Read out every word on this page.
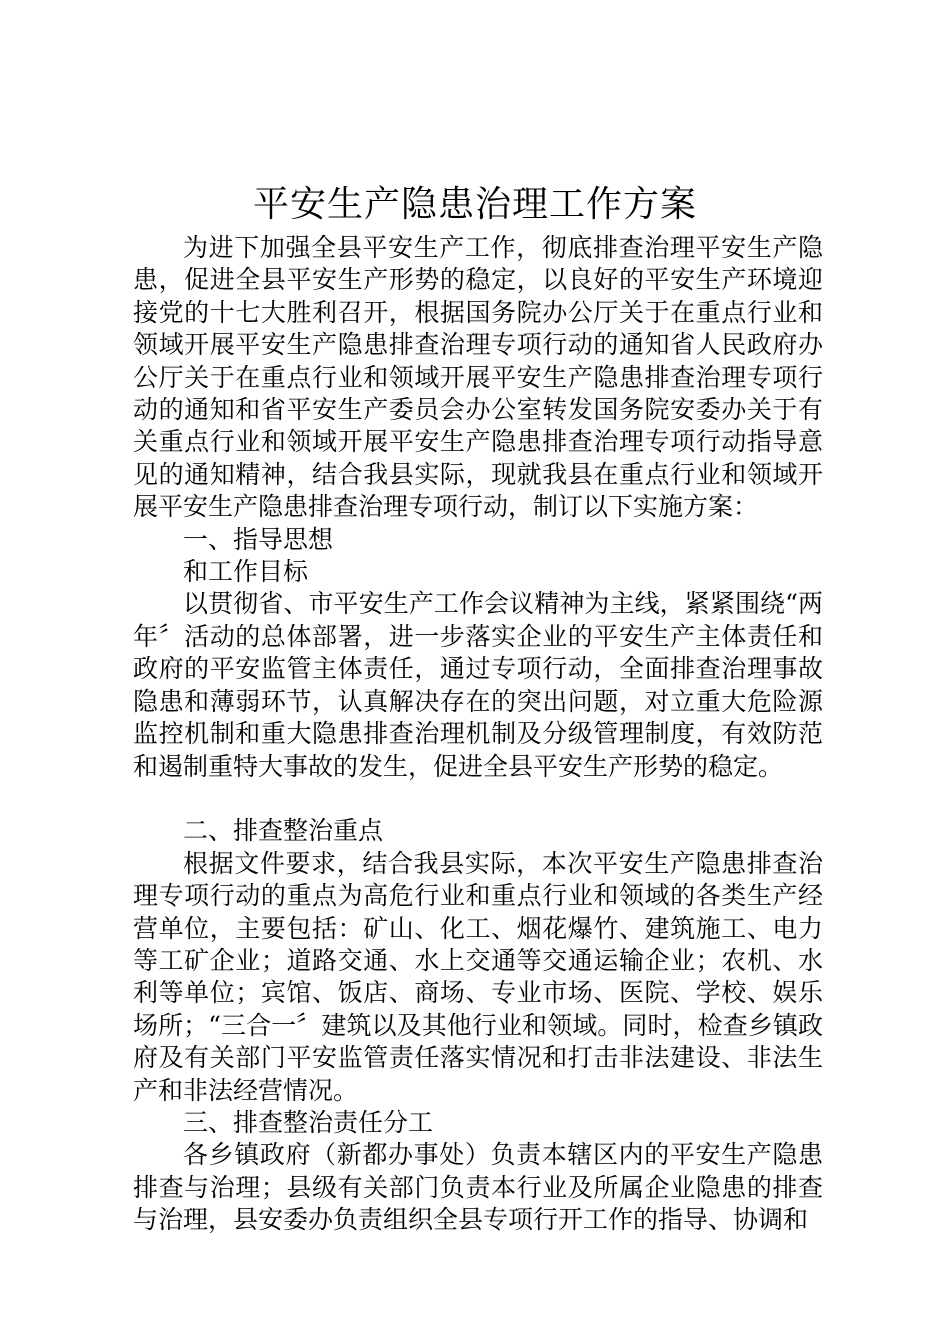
平安生产隐患治理工作方案

为进下加强全县平安生产工作，彻底排查治理平安生产隐患，促进全县平安生产形势的稳定，以良好的平安生产环境迎接党的十七大胜利召开，根据国务院办公厅关于在重点行业和领域开展平安生产隐患排查治理专项行动的通知省人民政府办公厅关于在重点行业和领域开展平安生产隐患排查治理专项行动的通知和省平安生产委员会办公室转发国务院安委办关于有关重点行业和领域开展平安生产隐患排查治理专项行动指导意见的通知精神，结合我县实际，现就我县在重点行业和领域开展平安生产隐患排查治理专项行动，制订以下实施方案：

一、指导思想

和工作目标

以贯彻省、市平安生产工作会议精神为主线，紧紧围绕“两年〞活动的总体部署，进一步落实企业的平安生产主体责任和政府的平安监管主体责任，通过专项行动，全面排查治理事故隐患和薄弱环节，认真解决存在的突出问题，对立重大危险源监控机制和重大隐患排查治理机制及分级管理制度，有效防范和遏制重特大事故的发生，促进全县平安生产形势的稳定。

二、排查整治重点

根据文件要求，结合我县实际，本次平安生产隐患排查治理专项行动的重点为高危行业和重点行业和领域的各类生产经营单位，主要包括：矿山、化工、烟花爆竹、建筑施工、电力等工矿企业；道路交通、水上交通等交通运输企业；农机、水利等单位；宾馆、饭店、商场、专业市场、医院、学校、娱乐场所；“三合一〞建筑以及其他行业和领域。同时，检查乡镇政府及有关部门平安监管责任落实情况和打击非法建设、非法生产和非法经营情况。

三、排查整治责任分工

各乡镇政府（新都办事处）负责本辖区内的平安生产隐患排查与治理；县级有关部门负责本行业及所属企业隐患的排查与治理，县安委办负责组织全县专项行开工作的指导、协调和
